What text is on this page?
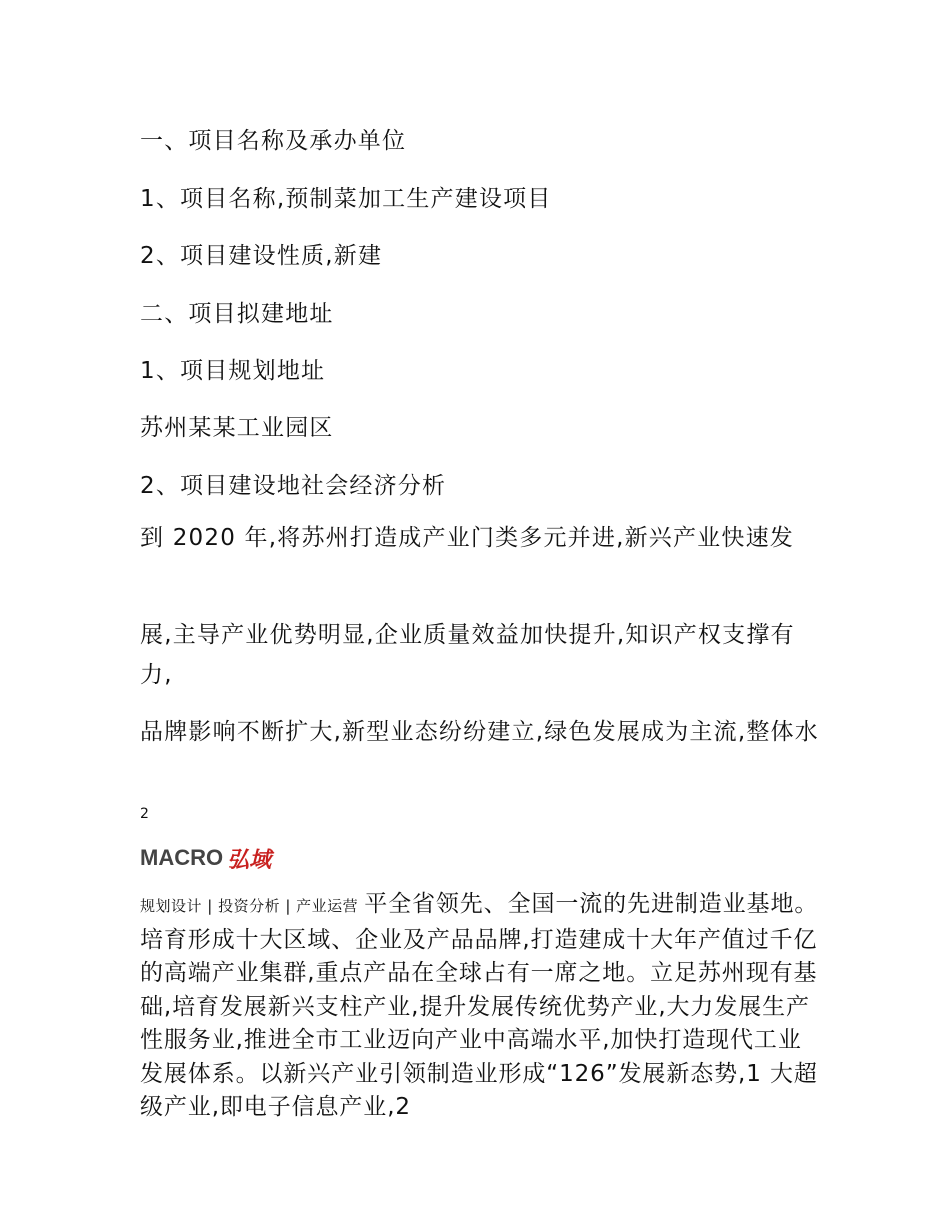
一、项目名称及承办单位

1、项目名称,预制菜加工生产建设项目

2、项目建设性质,新建

二、项目拟建地址

1、项目规划地址

苏州某某工业园区

2、项目建设地社会经济分析

到 2020 年,将苏州打造成产业门类多元并进,新兴产业快速发

展,主导产业优势明显,企业质量效益加快提升,知识产权支撑有力,

品牌影响不断扩大,新型业态纷纷建立,绿色发展成为主流,整体水

2

MACRO 弘域

规划设计 | 投资分析 | 产业运营 平全省领先、全国一流的先进制造业基地。培育形成十大区域、企业及产品品牌,打造建成十大年产值过千亿的高端产业集群,重点产品在全球占有一席之地。立足苏州现有基础,培育发展新兴支柱产业,提升发展传统优势产业,大力发展生产性服务业,推进全市工业迈向产业中高端水平,加快打造现代工业发展体系。以新兴产业引领制造业形成“126”发展新态势,1 大超级产业,即电子信息产业,2
